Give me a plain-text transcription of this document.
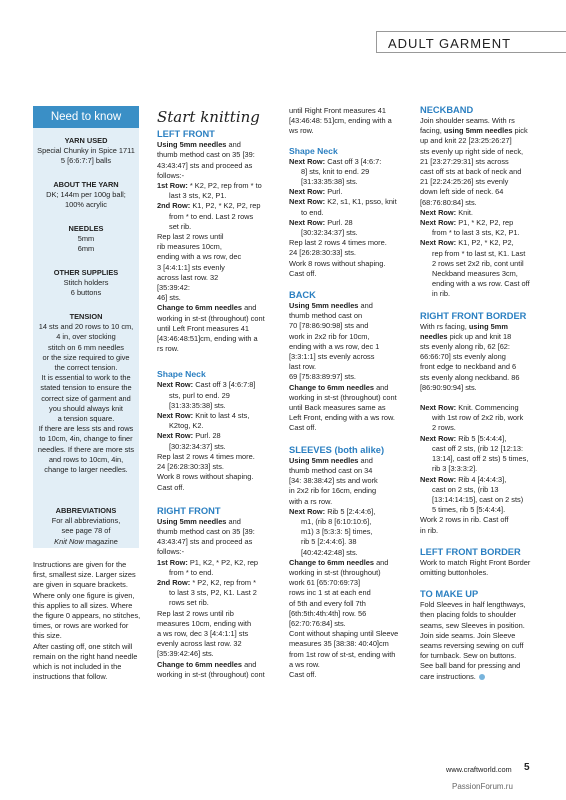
ADULT GARMENT
Need to know
YARN USED
Special Chunky in Spice 1711
5 [6:6:7:7] balls
ABOUT THE YARN
DK; 144m per 100g ball;
100% acrylic
NEEDLES
5mm
6mm
OTHER SUPPLIES
Stitch holders
6 buttons
TENSION
14 sts and 20 rows to 10 cm,
4 in, over stocking
stitch on 6 mm needles
or the size required to give
the correct tension.
It is essential to work to the
stated tension to ensure the
correct size of garment and
you should always knit
a tension square.
If there are less sts and rows
to 10cm, 4in, change to finer
needles. If there are more sts
and rows to 10cm, 4in,
change to larger needles.
ABBREVIATIONS
For all abbreviations,
see page 78 of
Knit Now magazine

Instructions are given for the

first, smallest size. Larger sizes

are given in square brackets.

Where only one figure is given,

this applies to all sizes. Where

the figure 0 appears, no stitches,

times, or rows are worked for

this size.

After casting off, one stitch will

remain on the right hand needle

which is not included in the

instructions that follow.

Start knitting

LEFT FRONT

Using 5mm needles and

thumb method cast on 35 [39:

43:43:47] sts and proceed as

follows:-

1st Row: * K2, P2, rep from * to

last 3 sts, K2, P1.

2nd Row: K1, P2, * K2, P2, rep

from * to end. Last 2 rows

set rib.

Rep last 2 rows until

rib measures 10cm,

ending with a ws row, dec

3 [4:4:1:1] sts evenly

across last row. 32

[35:39:42:

46] sts.

Change to 6mm needles and

working in st-st (throughout) cont

until Left Front measures 41

[43:46:48:51]cm, ending with a

rs row.

Shape Neck

Next Row: Cast off 3 [4:6:7:8]

sts, purl to end. 29

[31:33:35:38] sts.

Next Row: Knit to last 4 sts,

K2tog, K2.

Next Row: Purl. 28

[30:32:34:37] sts.

Rep last 2 rows 4 times more.

24 [26:28:30:33] sts.

Work 8 rows without shaping.

Cast off.

RIGHT FRONT

Using 5mm needles and

thumb method cast on 35 [39:

43:43:47] sts and proceed as

follows:-

1st Row: P1, K2, * P2, K2, rep

from * to end.

2nd Row: * P2, K2, rep from *

to last 3 sts, P2, K1. Last 2

rows set rib.

Rep last 2 rows until rib

measures 10cm, ending with

a ws row, dec 3 [4:4:1:1] sts

evenly across last row. 32

[35:39:42:46] sts.

Change to 6mm needles and

working in st-st (throughout) cont

until Right Front measures 41

[43:46:48: 51]cm, ending with a

ws row.

Shape Neck

Next Row: Cast off 3 [4:6:7:

8] sts, knit to end. 29

[31:33:35:38] sts.

Next Row: Purl.

Next Row: K2, s1, K1, psso, knit

to end.

Next Row: Purl. 28

[30:32:34:37] sts.

Rep last 2 rows 4 times more.

24 [26:28:30:33] sts.

Work 8 rows without shaping.

Cast off.

BACK

Using 5mm needles and

thumb method cast on

70 [78:86:90:98] sts and

work in 2x2 rib for 10cm,

ending with a ws row, dec 1

[3:3:1:1] sts evenly across

last row.

69 [75:83:89:97] sts.

Change to 6mm needles and

working in st-st (throughout) cont

until Back measures same as

Left Front, ending with a ws row.

Cast off.

SLEEVES (both alike)

Using 5mm needles and

thumb method cast on 34

[34: 38:38:42] sts and work

in 2x2 rib for 16cm, ending

with a rs row.

Next Row: Rib 5 [2:4:4:6],

m1, (rib 8 [6:10:10:6],

m1) 3 [5:3:3: 5] times,

rib 5 [2:4:4:6]. 38

[40:42:42:48] sts.

Change to 6mm needles and

working in st-st (throughout)

work 61 [65:70:69:73]

rows inc 1 st at each end

of 5th and every foll 7th

[6th:5th:4th:4th] row. 56

[62:70:76:84] sts.

Cont without shaping until Sleeve

measures 35 [38:38: 40:40]cm

from 1st row of st-st, ending with

a ws row.

Cast off.

NECKBAND

Join shoulder seams. With rs

facing, using 5mm needles pick

up and knit 22 [23:25:26:27]

sts evenly up right side of neck,

21 [23:27:29:31] sts across

cast off sts at back of neck and

21 [22:24:25:26] sts evenly

down left side of neck. 64

[68:76:80:84] sts.

Next Row: Knit.

Next Row: P1, * K2, P2, rep

from * to last 3 sts, K2, P1.

Next Row: K1, P2, * K2, P2,

rep from * to last st, K1. Last

2 rows set 2x2 rib, cont until

Neckband measures 3cm,

ending with a ws row. Cast off

in rib.

RIGHT FRONT BORDER

With rs facing, using 5mm

needles pick up and knit 18

sts evenly along rib, 62 [62:

66:66:70] sts evenly along

front edge to neckband and 6

sts evenly along neckband. 86

[86:90:90:94] sts.

Next Row: Knit. Commencing

with 1st row of 2x2 rib, work

2 rows.

Next Row: Rib 5 [5:4:4:4],

cast off 2 sts, (rib 12 [12:13:

13:14], cast off 2 sts) 5 times,

rib 3 [3:3:3:2].

Next Row: Rib 4 [4:4:4:3],

cast on 2 sts, (rib 13

[13:14:14:15], cast on 2 sts)

5 times, rib 5 [5:4:4:4].

Work 2 rows in rib. Cast off

in rib.

LEFT FRONT BORDER

Work to match Right Front Border

omitting buttonholes.

TO MAKE UP

Fold Sleeves in half lengthways,

then placing folds to shoulder

seams, sew Sleeves in position.

Join side seams. Join Sleeve

seams reversing sewing on cuff

for turnback. Sew on buttons.

See ball band for pressing and

care instructions.

www.craftworld.com 5
PassionForum.ru
